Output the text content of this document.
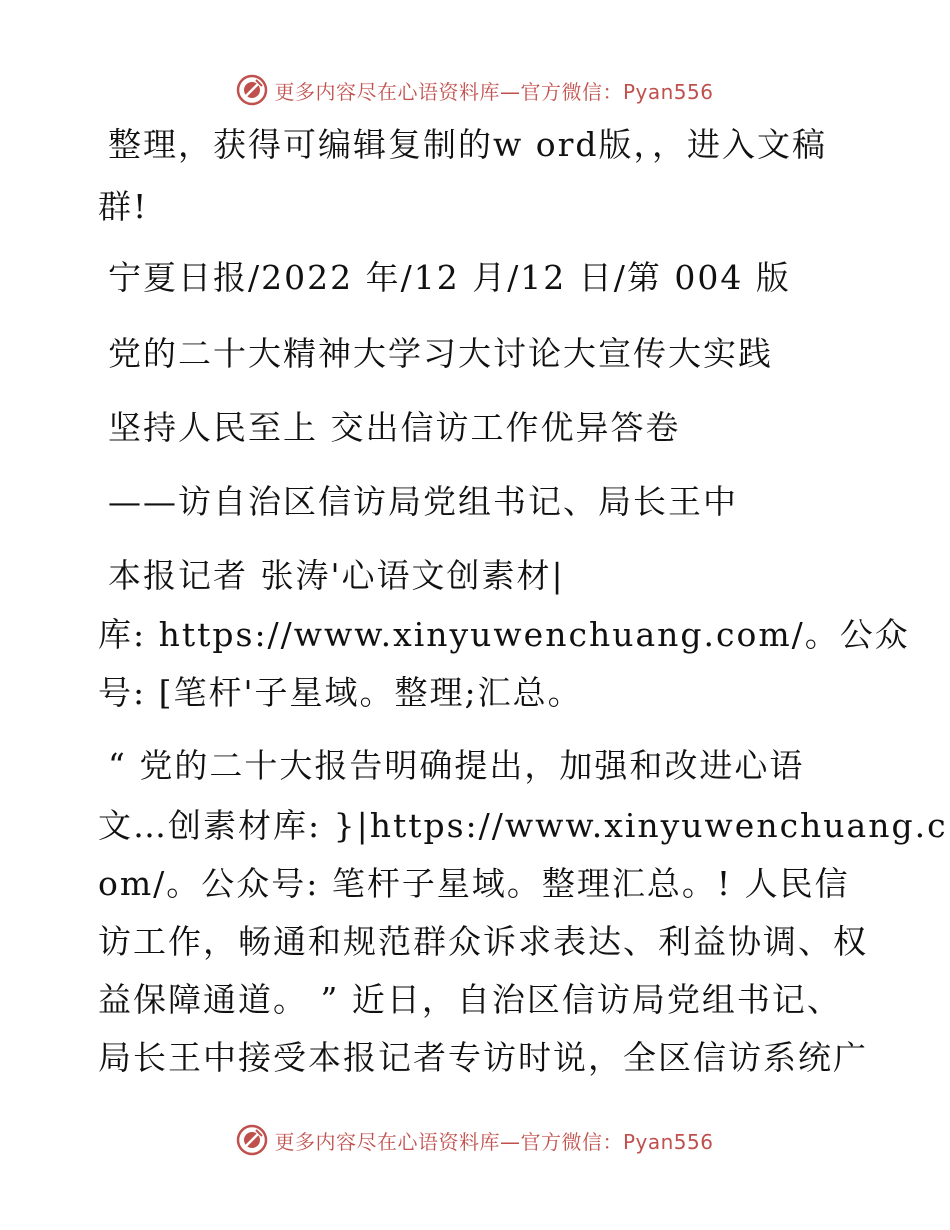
更多内容尽在心语资料库—官方微信：Pyan556
整理，获得可编辑复制的w ord版，，进入文稿
群!
宁夏日报/2022 年/12 月/12 日/第 004 版
党的二十大精神大学习大讨论大宣传大实践
坚持人民至上 交出信访工作优异答卷
——访自治区信访局党组书记、局长王中
本报记者 张涛'心语文创素材|
库: https://www.xinyuwenchuang.com/。公众
号: [笔杆'子星域。整理;汇总。
“ 党的二十大报告明确提出，加强和改进心语
文…创素材库: }|https://www.xinyuwenchuang.c
om/。公众号: 笔杆子星域。整理汇总。! 人民信
访工作，畅通和规范群众诉求表达、利益协调、权
益保障通道。 ” 近日，自治区信访局党组书记、
局长王中接受本报记者专访时说，全区信访系统广
更多内容尽在心语资料库—官方微信：Pyan556
